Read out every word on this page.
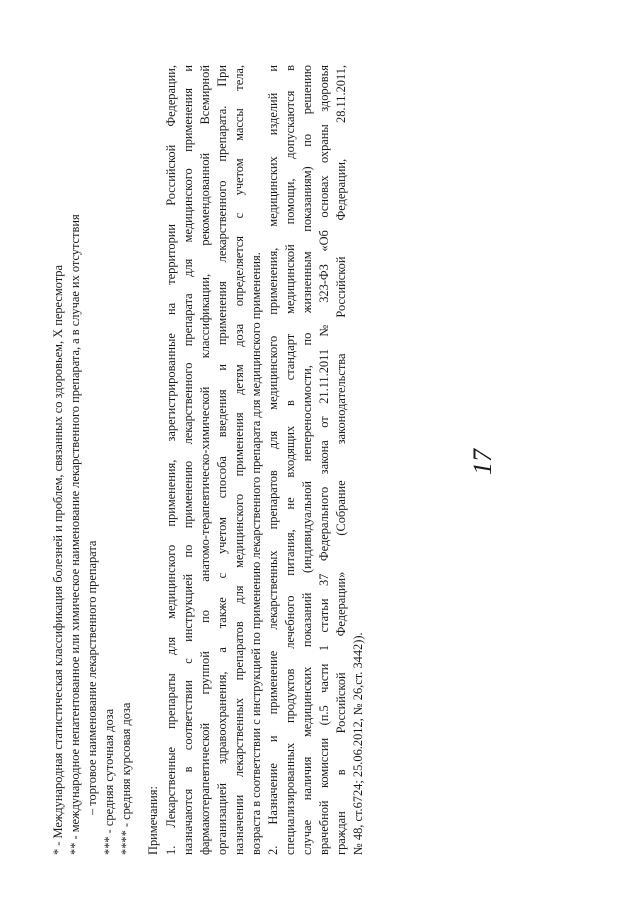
17
* - Международная статистическая классификация болезней и проблем, связанных со здоровьем, X пересмотра ** - международное непатентованное или химическое наименование лекарственного препарата, а в случае их отсутствия – торговое наименование лекарственного препарата *** - средняя суточная доза **** - средняя курсовая доза Примечания: 1. Лекарственные препараты для медицинского применения, зарегистрированные на территории Российской Федерации, назначаются в соответствии с инструкцией по применению лекарственного препарата для медицинского применения и фармакотерапевтической группой по анатомо-терапевтическо-химической классификации, рекомендованной Всемирной организацией здравоохранения, а также с учетом способа введения и применения лекарственного препарата. При назначении лекарственных препаратов для медицинского применения детям доза определяется с учетом массы тела, возраста в соответствии с инструкцией по применению лекарственного препарата для медицинского применения. 2. Назначение и применение лекарственных препаратов для медицинского применения, медицинских изделий и специализированных продуктов лечебного питания, не входящих в стандарт медицинской помощи, допускаются в случае наличия медицинских показаний (индивидуальной непереносимости, по жизненным показаниям) по решению врачебной комиссии (п.5 части 1 статьи 37 Федерального закона от 21.11.2011 № 323-ФЗ «Об основах охраны здоровья граждан в Российской Федерации» (Собрание законодательства Российской Федерации, 28.11.2011, № 48, ст.6724; 25.06.2012, № 26,ст. 3442)).
